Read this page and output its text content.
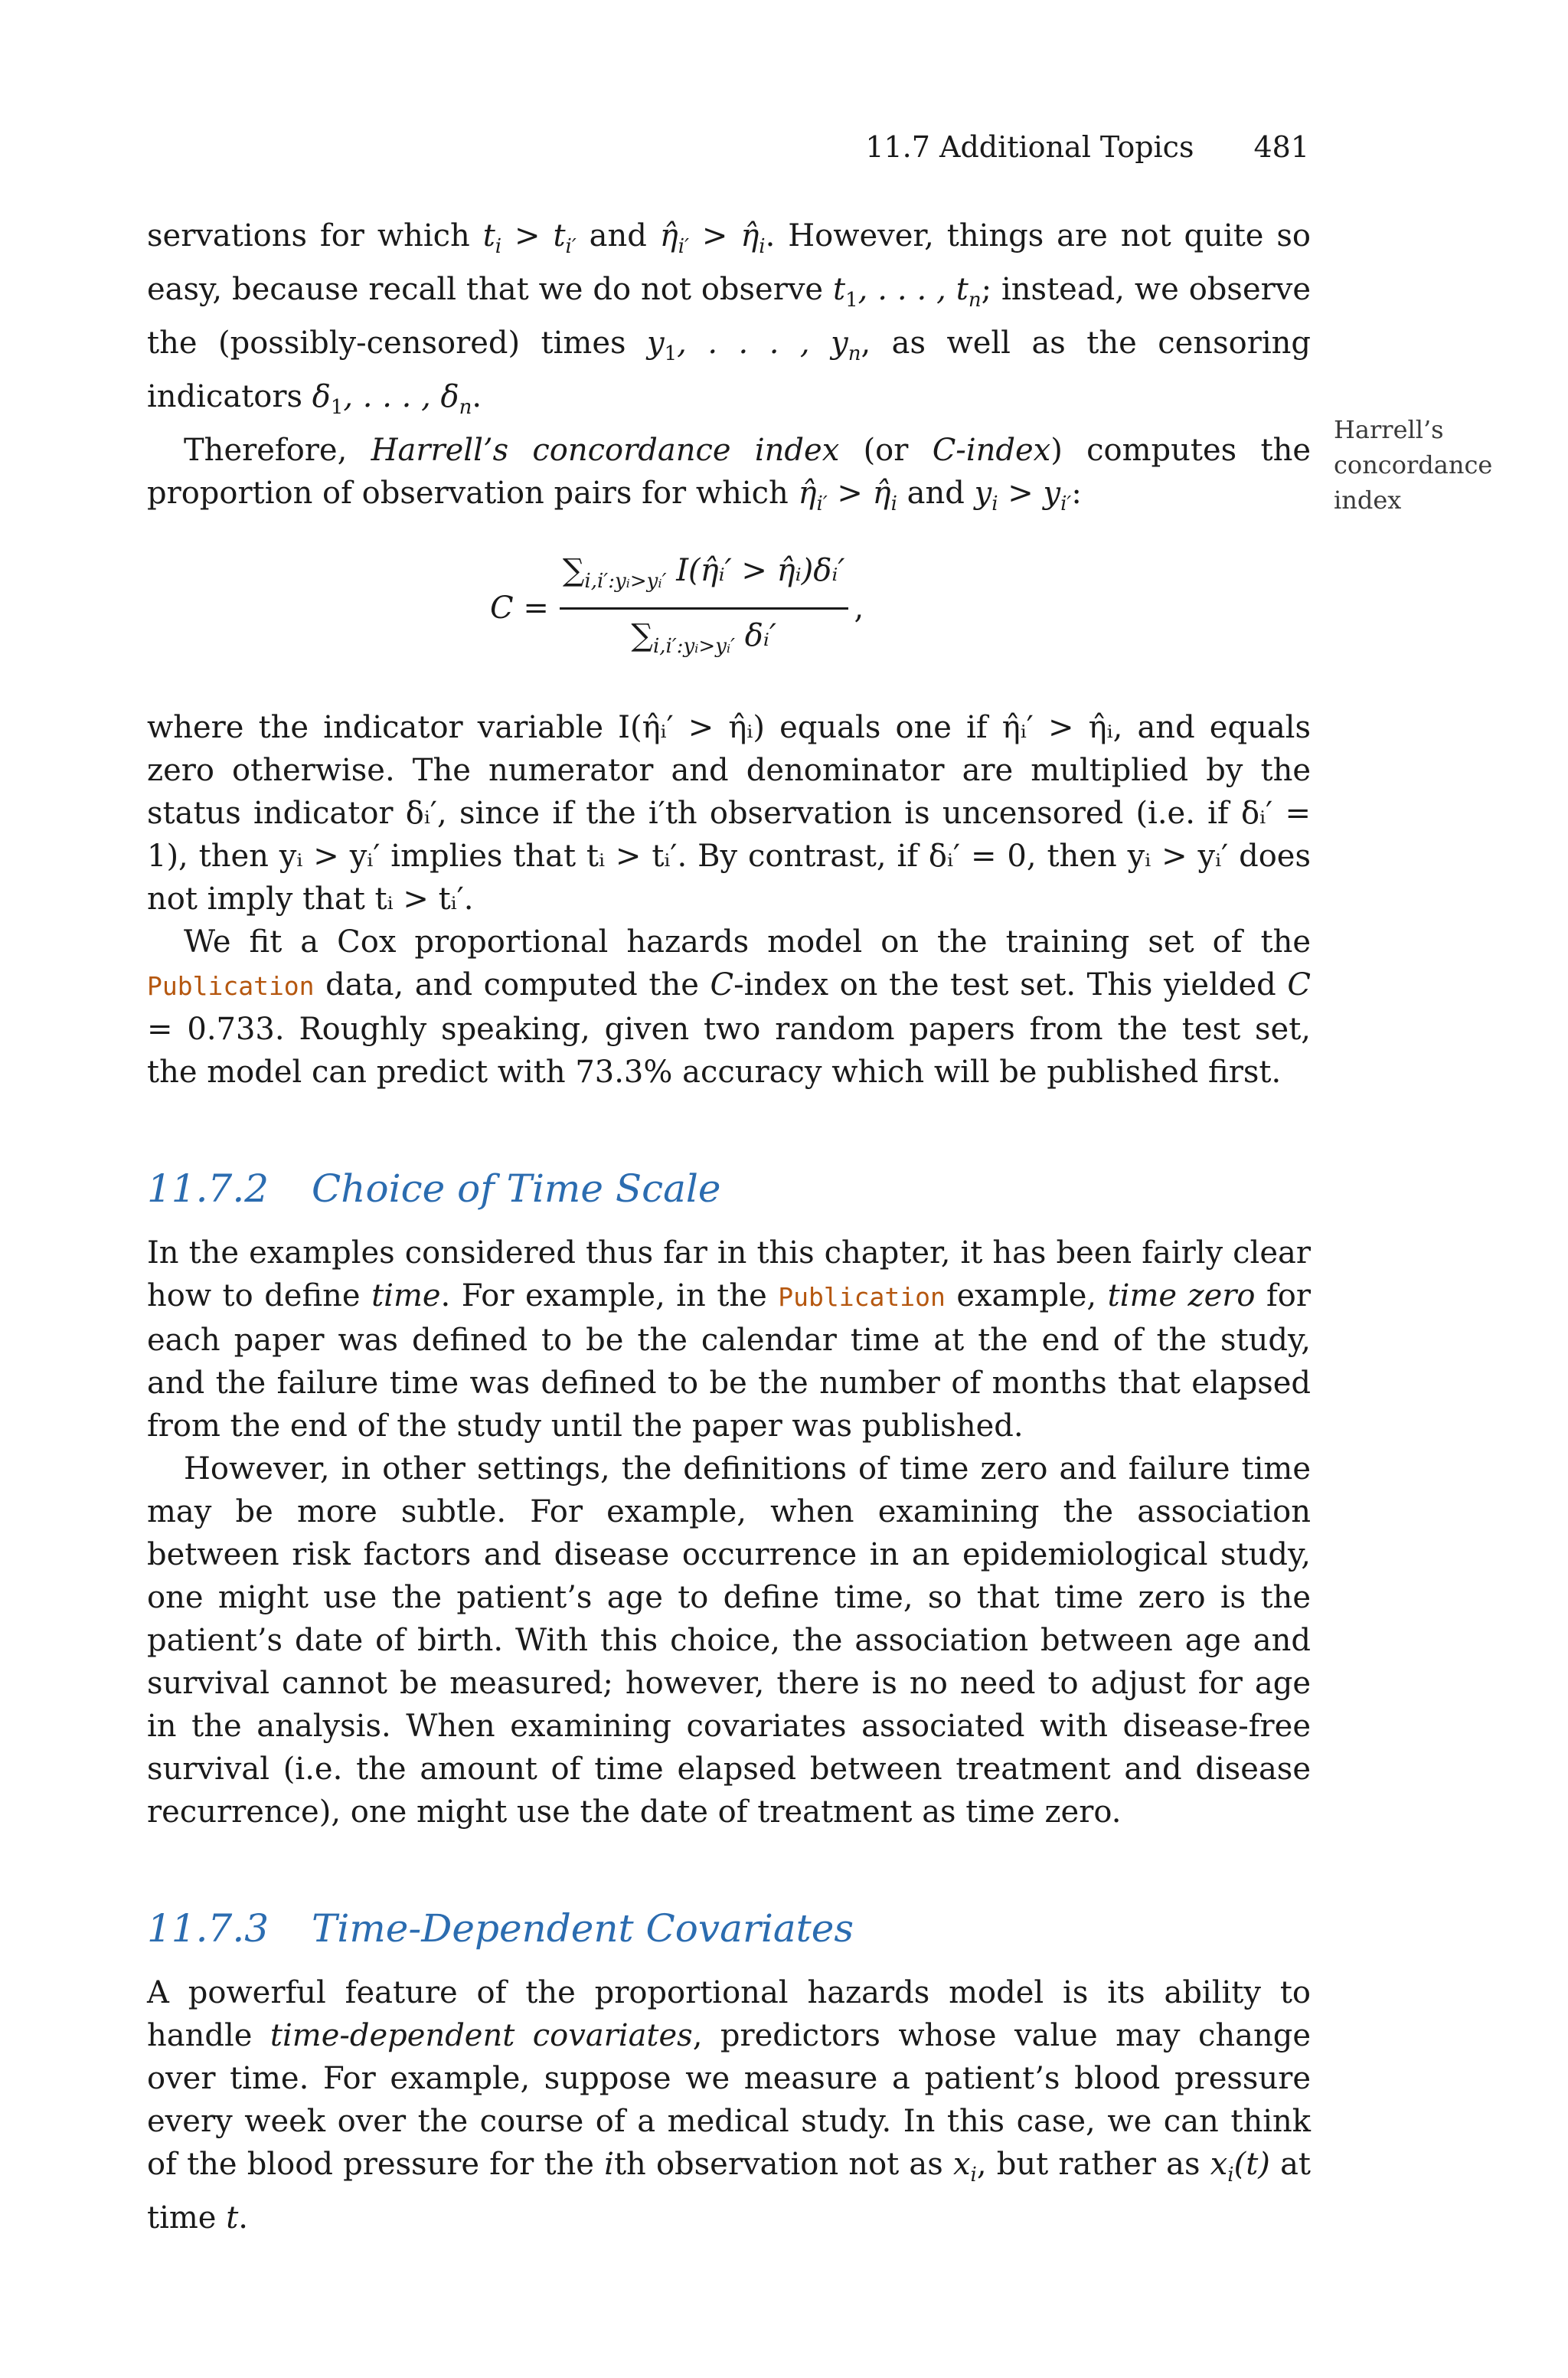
11.7 Additional Topics 481
Harrell’s concordance index

servations for which $t_i > t_{i'}$ and $\etâ_{i'}$ > $\etâ_i$. However, things are not quite so easy, because recall that we do not observe $t_1$, . . . , $t_n$; instead, we observe the (possibly-censored) times $y_1$, . . . , $y_n$, as well as the censoring indicators $\delta_1$, . . . , $\delta_n$.

Therefore, Harrell’s concordance index (or C-index) computes the proportion of observation pairs for which $\etâ_{i'}$ > $\etâ_i$ and $y_i > y_{i'}$:

$C = \frac{\sum_{i,i':yᵢ>yᵢ'} I(\etâᵢ' > \etâᵢ)\delta ᵢ'}{\sum_{i,i':yᵢ>yᵢ'} \delta ᵢ'}$ ,

where the indicator variable I(η̂ᵢ′ > η̂ᵢ) equals one if η̂ᵢ′ > η̂ᵢ, and equals zero otherwise. The numerator and denominator are multiplied by the status indicator δᵢ′, since if the i′th observation is uncensored (i.e. if δᵢ′ = 1), then yᵢ > yᵢ′ implies that tᵢ > tᵢ′. By contrast, if δᵢ′ = 0, then yᵢ > yᵢ′ does not imply that tᵢ > tᵢ′.

We fit a Cox proportional hazards model on the training set of the Publication data, and computed the C-index on the test set. This yielded C = 0.733. Roughly speaking, given two random papers from the test set, the model can predict with 73.3% accuracy which will be published first.

11.7.2 Choice of Time Scale

In the examples considered thus far in this chapter, it has been fairly clear how to define time. For example, in the Publication example, time zero for each paper was defined to be the calendar time at the end of the study, and the failure time was defined to be the number of months that elapsed from the end of the study until the paper was published.

However, in other settings, the definitions of time zero and failure time may be more subtle. For example, when examining the association between risk factors and disease occurrence in an epidemiological study, one might use the patient’s age to define time, so that time zero is the patient’s date of birth. With this choice, the association between age and survival cannot be measured; however, there is no need to adjust for age in the analysis. When examining covariates associated with disease-free survival (i.e. the amount of time elapsed between treatment and disease recurrence), one might use the date of treatment as time zero.

11.7.3 Time-Dependent Covariates

A powerful feature of the proportional hazards model is its ability to handle time-dependent covariates, predictors whose value may change over time. For example, suppose we measure a patient’s blood pressure every week over the course of a medical study. In this case, we can think of the blood pressure for the ith observation not as $x_i$, but rather as $x_i(t)$ at time t.
